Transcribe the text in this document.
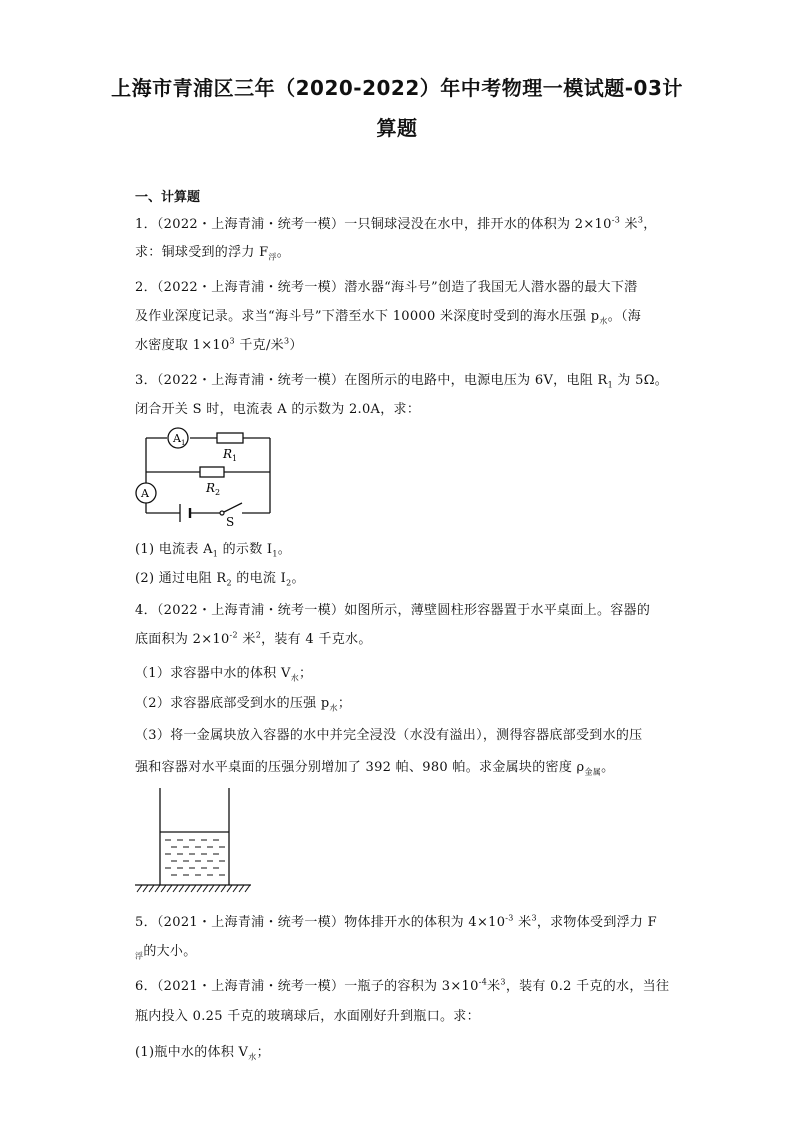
上海市青浦区三年（2020-2022）年中考物理一模试题-03计
算题
一、计算题
1．（2022・上海青浦・统考一模）一只铜球浸没在水中，排开水的体积为 $2\times 10^{-3}$ 米$^3$，
求：铜球受到的浮力 $F_浮$。
2．（2022・上海青浦・统考一模）潜水器“海斗号”创造了我国无人潜水器的最大下潜
及作业深度记录。求当“海斗号”下潜至水下 10000 米深度时受到的海水压强 $p_水$。（海
水密度取 $1\times 10^3$ 千克/米$^3$）
3．（2022・上海青浦・统考一模）在图所示的电路中，电源电压为 6V，电阻 $R_1$ 为 5Ω。
闭合开关 S 时，电流表 A 的示数为 2.0A，求：
$A_1$
$R_1$
$R_2$
A
S
(1) 电流表 $A_1$ 的示数 $I_1$。
(2) 通过电阻 $R_2$ 的电流 $I_2$。
4．（2022・上海青浦・统考一模）如图所示，薄壁圆柱形容器置于水平桌面上。容器的
底面积为 $2\times 10^{-2}$ 米$^2$，装有 4 千克水。
（1）求容器中水的体积 $V_水$；
（2）求容器底部受到水的压强 $p_水$；
（3）将一金属块放入容器的水中并完全浸没（水没有溢出），测得容器底部受到水的压
强和容器对水平桌面的压强分别增加了 392 帕、980 帕。求金属块的密度 $\rho_{金属}$。
5．（2021・上海青浦・统考一模）物体排开水的体积为 $4\times 10^{-3}$ 米$^3$，求物体受到浮力 F
$_浮$的大小。
6．（2021・上海青浦・统考一模）一瓶子的容积为 $3\times 10^{-4}$米$^3$，装有 0.2 千克的水，当往
瓶内投入 0.25 千克的玻璃球后，水面刚好升到瓶口。求：
(1)瓶中水的体积 $V_水$；
